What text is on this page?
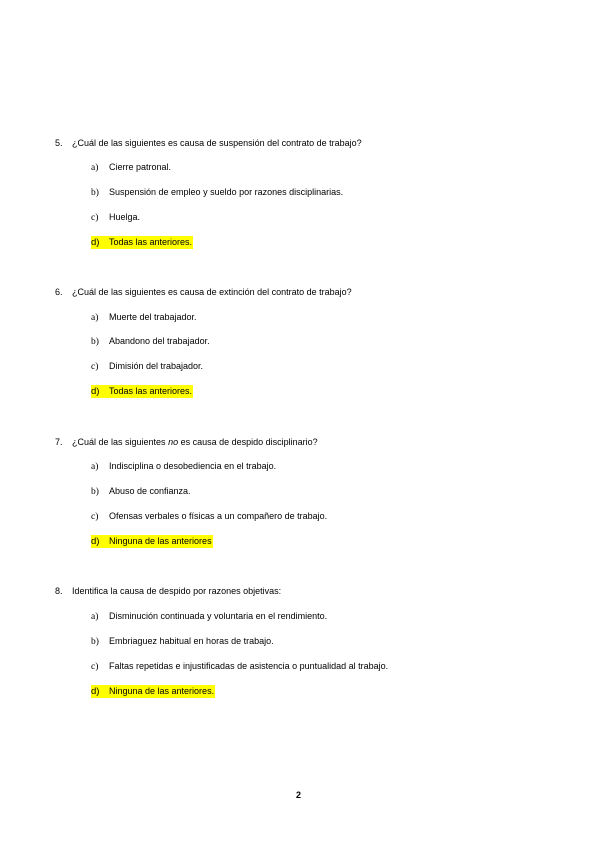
5. ¿Cuál de las siguientes es causa de suspensión del contrato de trabajo?
a) Cierre patronal.
b) Suspensión de empleo y sueldo por razones disciplinarias.
c) Huelga.
d) Todas las anteriores.
6. ¿Cuál de las siguientes es causa de extinción del contrato de trabajo?
a) Muerte del trabajador.
b) Abandono del trabajador.
c) Dimisión del trabajador.
d) Todas las anteriores.
7. ¿Cuál de las siguientes no es causa de despido disciplinario?
a) Indisciplina o desobediencia en el trabajo.
b) Abuso de confianza.
c) Ofensas verbales o físicas a un compañero de trabajo.
d) Ninguna de las anteriores
8. Identifica la causa de despido por razones objetivas:
a) Disminución continuada y voluntaria en el rendimiento.
b) Embriaguez habitual en horas de trabajo.
c) Faltas repetidas e injustificadas de asistencia o puntualidad al trabajo.
d) Ninguna de las anteriores.
2
